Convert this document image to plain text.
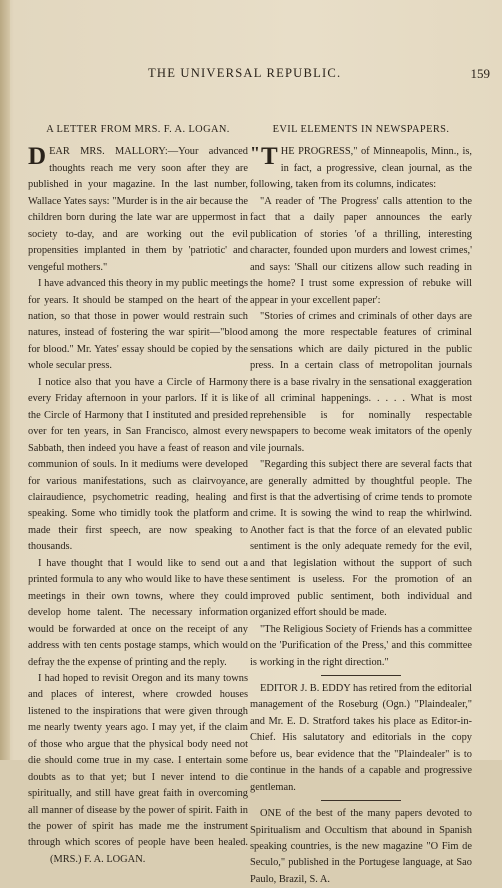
THE UNIVERSAL REPUBLIC.	159
A LETTER FROM MRS. F. A. LOGAN.

DEAR MRS. MALLORY:—Your advanced thoughts reach me very soon after they are published in your magazine. In the last number, Wallace Yates says: "Murder is in the air because the children born during the late war are uppermost in society to-day, and are working out the evil propensities implanted in them by 'patriotic' and vengeful mothers."

I have advanced this theory in my public meetings for years. It should be stamped on the heart of the nation, so that those in power would restrain such natures, instead of fostering the war spirit—"blood for blood." Mr. Yates' essay should be copied by the whole secular press.

I notice also that you have a Circle of Harmony every Friday afternoon in your parlors. If it is like the Circle of Harmony that I instituted and presided over for ten years, in San Francisco, almost every Sabbath, then indeed you have a feast of reason and communion of souls. In it mediums were developed for various manifestations, such as clairvoyance, clairaudience, psychometric reading, healing and speaking. Some who timidly took the platform and made their first speech, are now speaking to thousands.

I have thought that I would like to send out a printed formula to any who would like to have these meetings in their own towns, where they could develop home talent. The necessary information would be forwarded at once on the receipt of any address with ten cents postage stamps, which would defray the the expense of printing and the reply.

I had hoped to revisit Oregon and its many towns and places of interest, where crowded houses listened to the inspirations that were given through me nearly twenty years ago. I may yet, if the claim of those who argue that the physical body need not die should come true in my case. I entertain some doubts as to that yet; but I never intend to die spiritually, and still have great faith in overcoming all manner of disease by the power of spirit. Faith in the power of spirit has made me the instrument through which scores of people have been healed.(MRS.) F. A. LOGAN.

EVIL ELEMENTS IN NEWSPAPERS.

" T HE PROGRESS," of Minneapolis, Minn., is, in fact, a progressive, clean journal, as the following, taken from its columns, indicates:

"A reader of 'The Progress' calls attention to the fact that a daily paper announces the early publication of stories 'of a thrilling, interesting character, founded upon murders and lowest crimes,' and says: 'Shall our citizens allow such reading in the home? I trust some expression of rebuke will appear in your excellent paper':

"Stories of crimes and criminals of other days are among the more respectable features of criminal sensations which are daily pictured in the public press. In a certain class of metropolitan journals there is a base rivalry in the sensational exaggeration of all criminal happenings. . . . . What is most reprehensible is for nominally respectable newspapers to become weak imitators of the openly vile journals.

"Regarding this subject there are several facts that are generally admitted by thoughtful people. The first is that the advertising of crime tends to promote crime. It is sowing the wind to reap the whirlwind. Another fact is that the force of an elevated public sentiment is the only adequate remedy for the evil, and that legislation without the support of such sentiment is useless. For the promotion of an improved public sentiment, both individual and organized effort should be made.

"The Religious Society of Friends has a committee on the 'Purification of the Press,' and this committee is working in the right direction."

EDITOR J. B. EDDY has retired from the editorial management of the Roseburg (Ogn.) "Plaindealer," and Mr. E. D. Stratford takes his place as Editor-in-Chief. His salutatory and editorials in the copy before us, bear evidence that the "Plaindealer" is to continue in the hands of a capable and progressive gentleman.

ONE of the best of the many papers devoted to Spiritualism and Occultism that abound in Spanish speaking countries, is the new magazine "O Fim de Seculo," published in the Portugese language, at Sao Paulo, Brazil, S. A.
